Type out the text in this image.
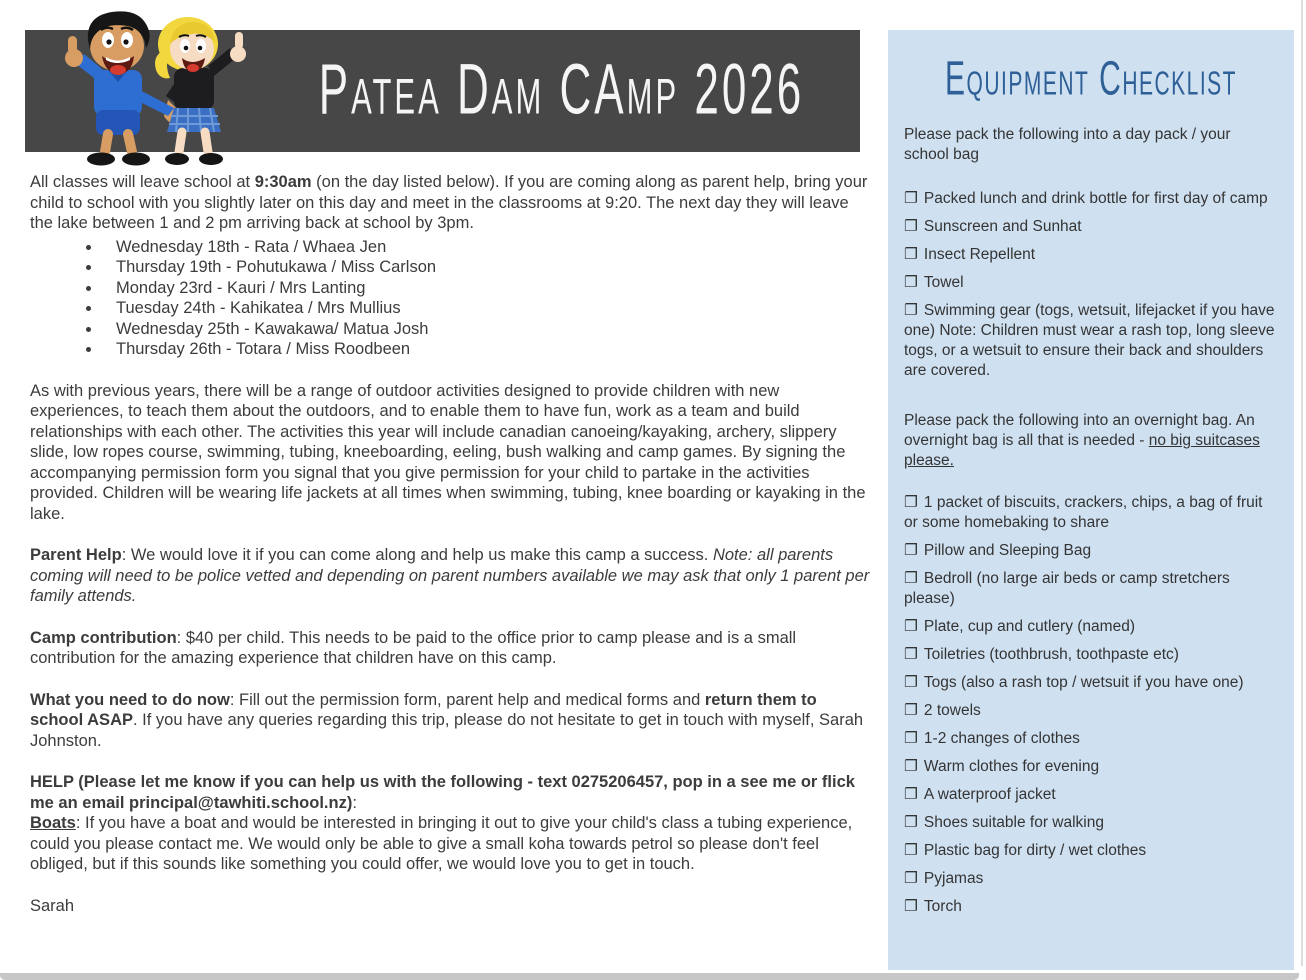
Patea Dam CAmp 2026

All classes will leave school at 9:30am (on the day listed below). If you are coming along as parent help, bring your child to school with you slightly later on this day and meet in the classrooms at 9:20. The next day they will leave the lake between 1 and 2 pm arriving back at school by 3pm.

• Wednesday 18th - Rata / Whaea Jen
• Thursday 19th - Pohutukawa / Miss Carlson
• Monday 23rd - Kauri / Mrs Lanting
• Tuesday 24th - Kahikatea / Mrs Mullius
• Wednesday 25th - Kawakawa/ Matua Josh
• Thursday 26th - Totara / Miss Roodbeen

As with previous years, there will be a range of outdoor activities designed to provide children with new experiences, to teach them about the outdoors, and to enable them to have fun, work as a team and build relationships with each other. The activities this year will include canadian canoeing/kayaking, archery, slippery slide, low ropes course, swimming, tubing, kneeboarding, eeling, bush walking and camp games. By signing the accompanying permission form you signal that you give permission for your child to partake in the activities provided. Children will be wearing life jackets at all times when swimming, tubing, knee boarding or kayaking in the lake.

Parent Help: We would love it if you can come along and help us make this camp a success. Note: all parents coming will need to be police vetted and depending on parent numbers available we may ask that only 1 parent per family attends.

Camp contribution: $40 per child. This needs to be paid to the office prior to camp please and is a small contribution for the amazing experience that children have on this camp.

What you need to do now: Fill out the permission form, parent help and medical forms and return them to school ASAP. If you have any queries regarding this trip, please do not hesitate to get in touch with myself, Sarah Johnston.

HELP (Please let me know if you can help us with the following - text 0275206457, pop in a see me or flick me an email principal@tawhiti.school.nz):
Boats: If you have a boat and would be interested in bringing it out to give your child's class a tubing experience, could you please contact me. We would only be able to give a small koha towards petrol so please don't feel obliged, but if this sounds like something you could offer, we would love you to get in touch.

Sarah

Equipment Checklist

Please pack the following into a day pack / your school bag

❐ Packed lunch and drink bottle for first day of camp

❐ Sunscreen and Sunhat

❐ Insect Repellent

❐ Towel

❐ Swimming gear (togs, wetsuit, lifejacket if you have one) Note: Children must wear a rash top, long sleeve togs, or a wetsuit to ensure their back and shoulders are covered.

Please pack the following into an overnight bag. An overnight bag is all that is needed - no big suitcases please.

❐ 1 packet of biscuits, crackers, chips, a bag of fruit or some homebaking to share

❐ Pillow and Sleeping Bag

❐ Bedroll (no large air beds or camp stretchers please)

❐ Plate, cup and cutlery (named)

❐ Toiletries (toothbrush, toothpaste etc)

❐ Togs (also a rash top / wetsuit if you have one)

❐ 2 towels

❐ 1-2 changes of clothes

❐ Warm clothes for evening

❐ A waterproof jacket

❐ Shoes suitable for walking

❐ Plastic bag for dirty / wet clothes

❐ Pyjamas

❐ Torch
